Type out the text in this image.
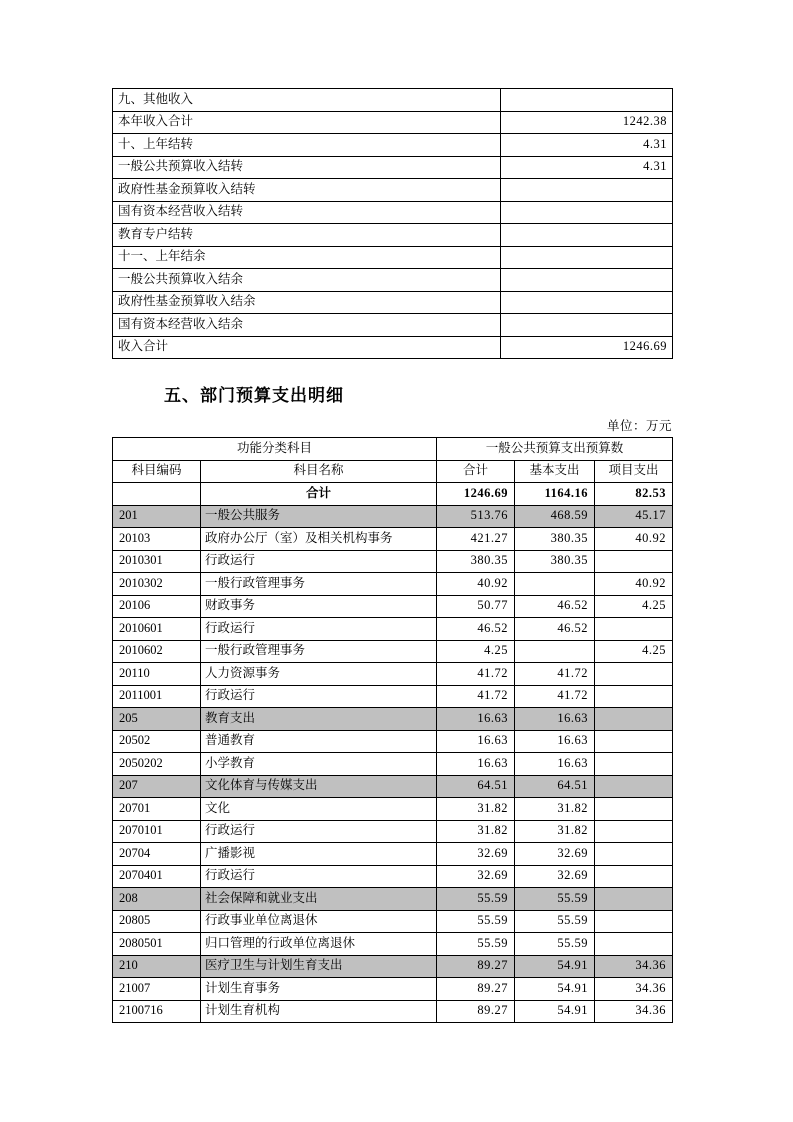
九、其他收入	
本年收入合计	1242.38
十、上年结转	4.31
一般公共预算收入结转	4.31
政府性基金预算收入结转	
国有资本经营收入结转	
教育专户结转	
十一、上年结余	
一般公共预算收入结余	
政府性基金预算收入结余	
国有资本经营收入结余	
收入合计	1246.69
五、部门预算支出明细
单位：万元
功能分类科目		一般公共预算支出预算数		
科目编码	科目名称	合计	基本支出	项目支出
	合计	1246.69	1164.16	82.53
201	一般公共服务	513.76	468.59	45.17
20103	政府办公厅（室）及相关机构事务	421.27	380.35	40.92
2010301	行政运行	380.35	380.35	
2010302	一般行政管理事务	40.92		40.92
20106	财政事务	50.77	46.52	4.25
2010601	行政运行	46.52	46.52	
2010602	一般行政管理事务	4.25		4.25
20110	人力资源事务	41.72	41.72	
2011001	行政运行	41.72	41.72	
205	教育支出	16.63	16.63	
20502	普通教育	16.63	16.63	
2050202	小学教育	16.63	16.63	
207	文化体育与传媒支出	64.51	64.51	
20701	文化	31.82	31.82	
2070101	行政运行	31.82	31.82	
20704	广播影视	32.69	32.69	
2070401	行政运行	32.69	32.69	
208	社会保障和就业支出	55.59	55.59	
20805	行政事业单位离退休	55.59	55.59	
2080501	归口管理的行政单位离退休	55.59	55.59	
210	医疗卫生与计划生育支出	89.27	54.91	34.36
21007	计划生育事务	89.27	54.91	34.36
2100716	计划生育机构	89.27	54.91	34.36
